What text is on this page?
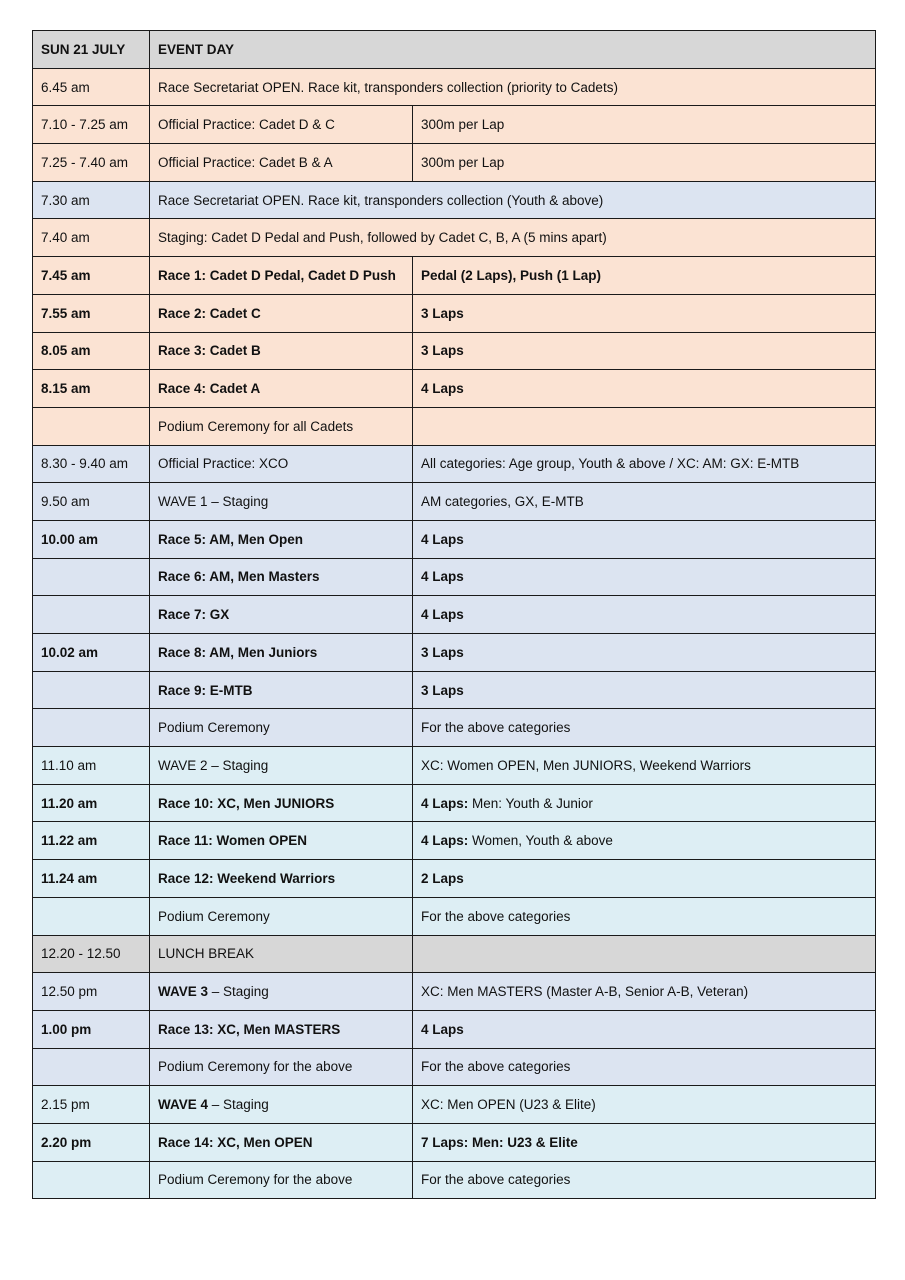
SUN 21 JULY	EVENT DAY	
6.45 am	Race Secretariat OPEN. Race kit, transponders collection (priority to Cadets)	
7.10 - 7.25 am	Official Practice: Cadet D & C	300m per Lap
7.25 - 7.40 am	Official Practice: Cadet B & A	300m per Lap
7.30 am	Race Secretariat OPEN. Race kit, transponders collection (Youth & above)	
7.40 am	Staging: Cadet D Pedal and Push, followed by Cadet C, B, A (5 mins apart)	
7.45 am	Race 1: Cadet D Pedal, Cadet D Push	Pedal (2 Laps), Push (1 Lap)
7.55 am	Race 2: Cadet C	3 Laps
8.05 am	Race 3: Cadet B	3 Laps
8.15 am	Race 4: Cadet A	4 Laps
	Podium Ceremony for all Cadets	
8.30 - 9.40 am	Official Practice: XCO	All categories: Age group, Youth & above / XC: AM: GX: E-MTB
9.50 am	WAVE 1 – Staging	AM categories, GX, E-MTB
10.00 am	Race 5: AM, Men Open	4 Laps
	Race 6: AM, Men Masters	4 Laps
	Race 7: GX	4 Laps
10.02 am	Race 8: AM, Men Juniors	3 Laps
	Race 9: E-MTB	3 Laps
	Podium Ceremony	For the above categories
11.10 am	WAVE 2 – Staging	XC: Women OPEN, Men JUNIORS, Weekend Warriors
11.20 am	Race 10: XC, Men JUNIORS	4 Laps: Men: Youth & Junior
11.22 am	Race 11: Women OPEN	4 Laps: Women, Youth & above
11.24 am	Race 12: Weekend Warriors	2 Laps
	Podium Ceremony	For the above categories
12.20 - 12.50	LUNCH BREAK	
12.50 pm	WAVE 3 – Staging	XC: Men MASTERS (Master A-B, Senior A-B, Veteran)
1.00 pm	Race 13: XC, Men MASTERS	4 Laps
	Podium Ceremony for the above	For the above categories
2.15 pm	WAVE 4 – Staging	XC: Men OPEN (U23 & Elite)
2.20 pm	Race 14: XC, Men OPEN	7 Laps: Men: U23 & Elite
	Podium Ceremony for the above	For the above categories
